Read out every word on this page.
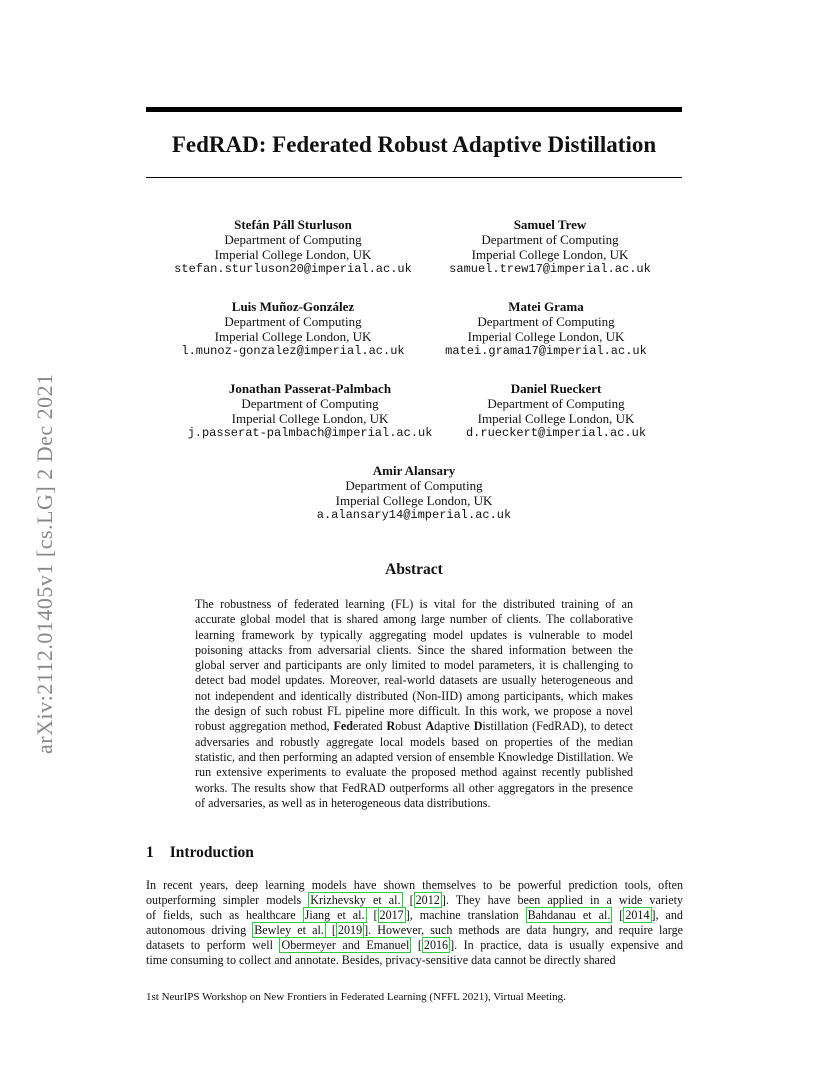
arXiv:2112.01405v1 [cs.LG] 2 Dec 2021
FedRAD: Federated Robust Adaptive Distillation
Stefán Páll Sturluson
Department of Computing
Imperial College London, UK
stefan.sturluson20@imperial.ac.uk
Samuel Trew
Department of Computing
Imperial College London, UK
samuel.trew17@imperial.ac.uk
Luis Muñoz-González
Department of Computing
Imperial College London, UK
l.munoz-gonzalez@imperial.ac.uk
Matei Grama
Department of Computing
Imperial College London, UK
matei.grama17@imperial.ac.uk
Jonathan Passerat-Palmbach
Department of Computing
Imperial College London, UK
j.passerat-palmbach@imperial.ac.uk
Daniel Rueckert
Department of Computing
Imperial College London, UK
d.rueckert@imperial.ac.uk
Amir Alansary
Department of Computing
Imperial College London, UK
a.alansary14@imperial.ac.uk
Abstract

The robustness of federated learning (FL) is vital for the distributed training of an accurate global model that is shared among large number of clients. The collaborative learning framework by typically aggregating model updates is vulnerable to model poisoning attacks from adversarial clients. Since the shared information between the global server and participants are only limited to model parameters, it is challenging to detect bad model updates. Moreover, real-world datasets are usually heterogeneous and not independent and identically distributed (Non-IID) among participants, which makes the design of such robust FL pipeline more difficult. In this work, we propose a novel robust aggregation method, Federated Robust Adaptive Distillation (FedRAD), to detect adversaries and robustly aggregate local models based on properties of the median statistic, and then performing an adapted version of ensemble Knowledge Distillation. We run extensive experiments to evaluate the proposed method against recently published works. The results show that FedRAD outperforms all other aggregators in the presence of adversaries, as well as in heterogeneous data distributions.

1 Introduction
In recent years, deep learning models have shown themselves to be powerful prediction tools, often
outperforming simpler models Krizhevsky et al. [ 2012 ]. They have been applied in a wide variety
of fields, such as healthcare Jiang et al. [ 2017 ], machine translation Bahdanau et al. [ 2014 ], and
autonomous driving Bewley et al. [ 2019 ]. However, such methods are data hungry, and require large
datasets to perform well Obermeyer and Emanuel [ 2016 ]. In practice, data is usually expensive and
time consuming to collect and annotate. Besides, privacy-sensitive data cannot be directly shared
1st NeurIPS Workshop on New Frontiers in Federated Learning (NFFL 2021), Virtual Meeting.
